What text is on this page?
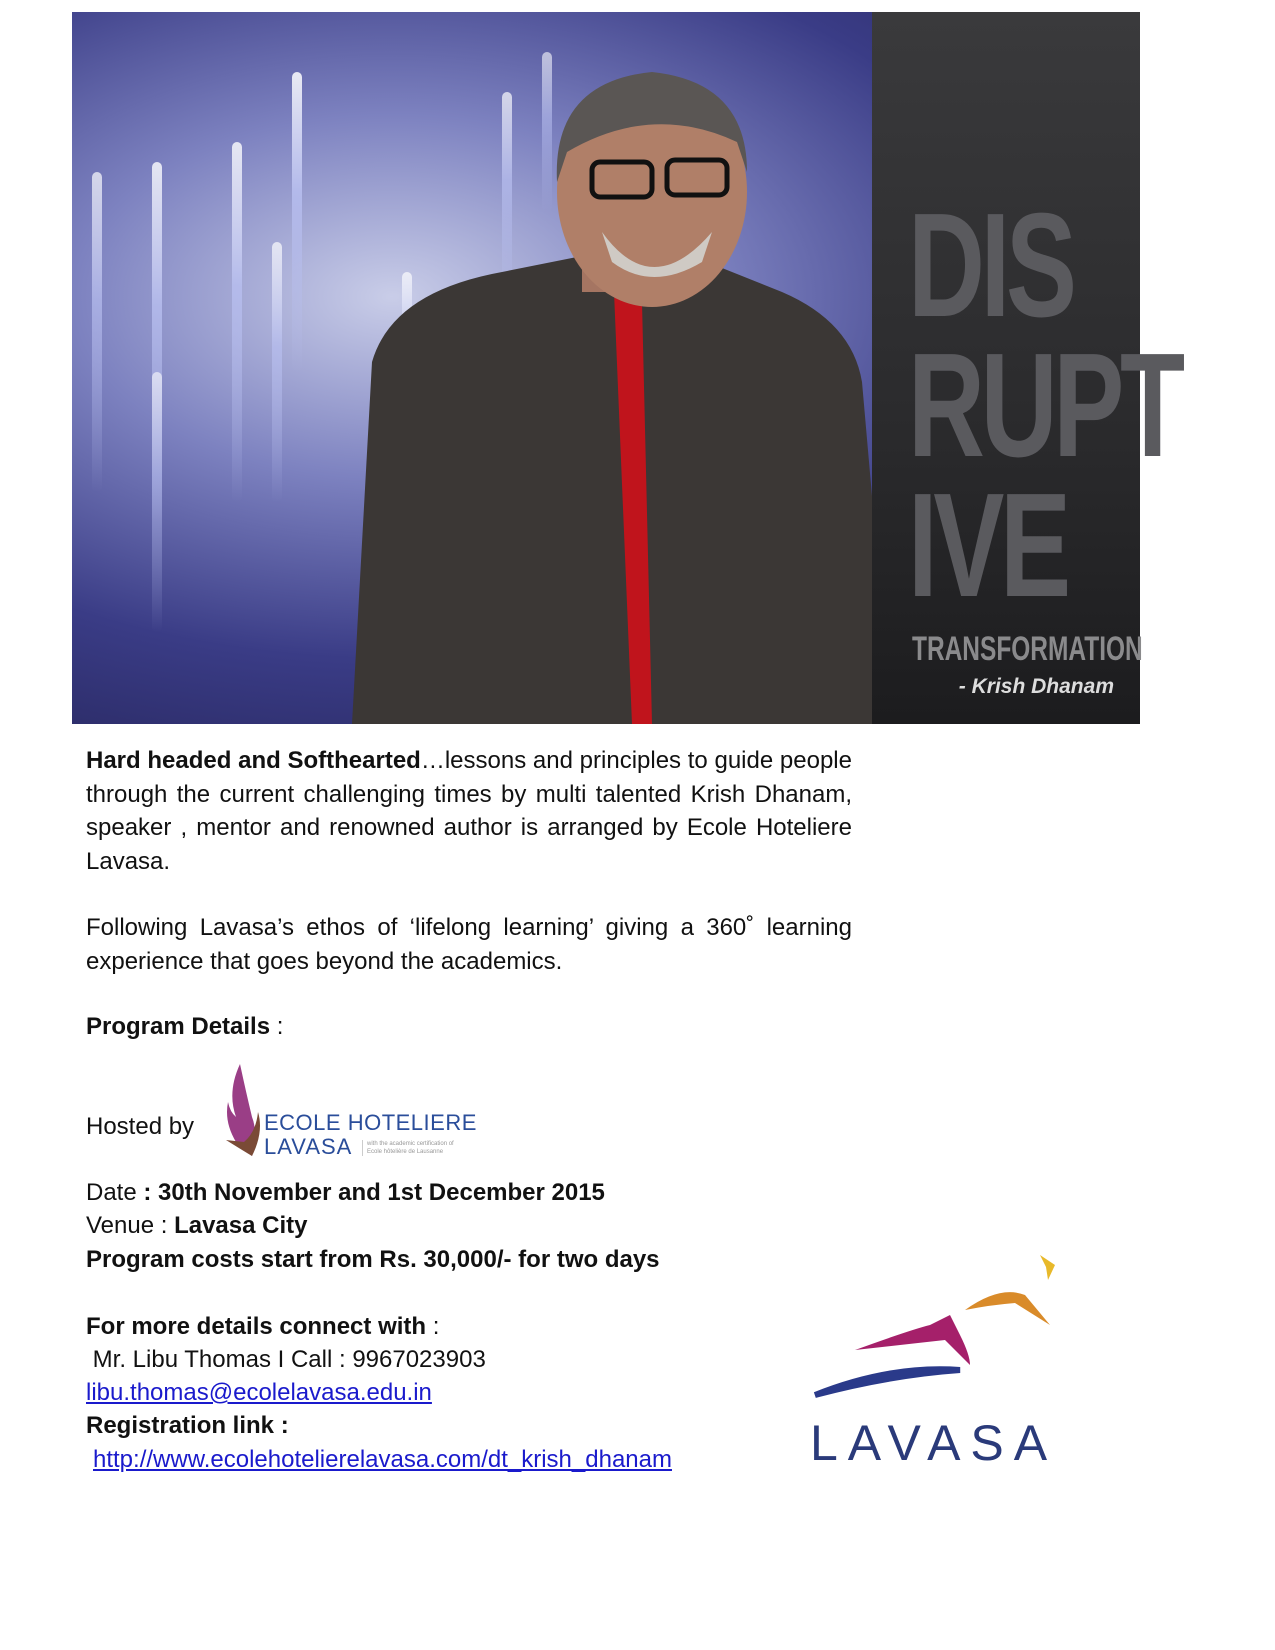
DIS
RUPT
IVE
TRANSFORMATION
- Krish Dhanam

Hard headed and Softhearted…lessons and principles to guide people through the current challenging times by multi talented Krish Dhanam, speaker , mentor and renowned author is arranged by Ecole Hoteliere Lavasa.

Following Lavasa’s ethos of ‘lifelong learning’ giving a 360˚ learning experience that goes beyond the academics.

Program Details :
Hosted by	ECOLE HOTELIERE
LAVASA	with the academic certification of Ecole hôtelière de Lausanne
Date : 30th November and 1st December 2015
Venue : Lavasa City
Program costs start from Rs. 30,000/- for two days
For more details connect with :
Mr. Libu Thomas I Call : 9967023903
libu.thomas@ecolelavasa.edu.in
Registration link :
http://www.ecolehotelierelavasa.com/dt_krish_dhanam	LAVASA
